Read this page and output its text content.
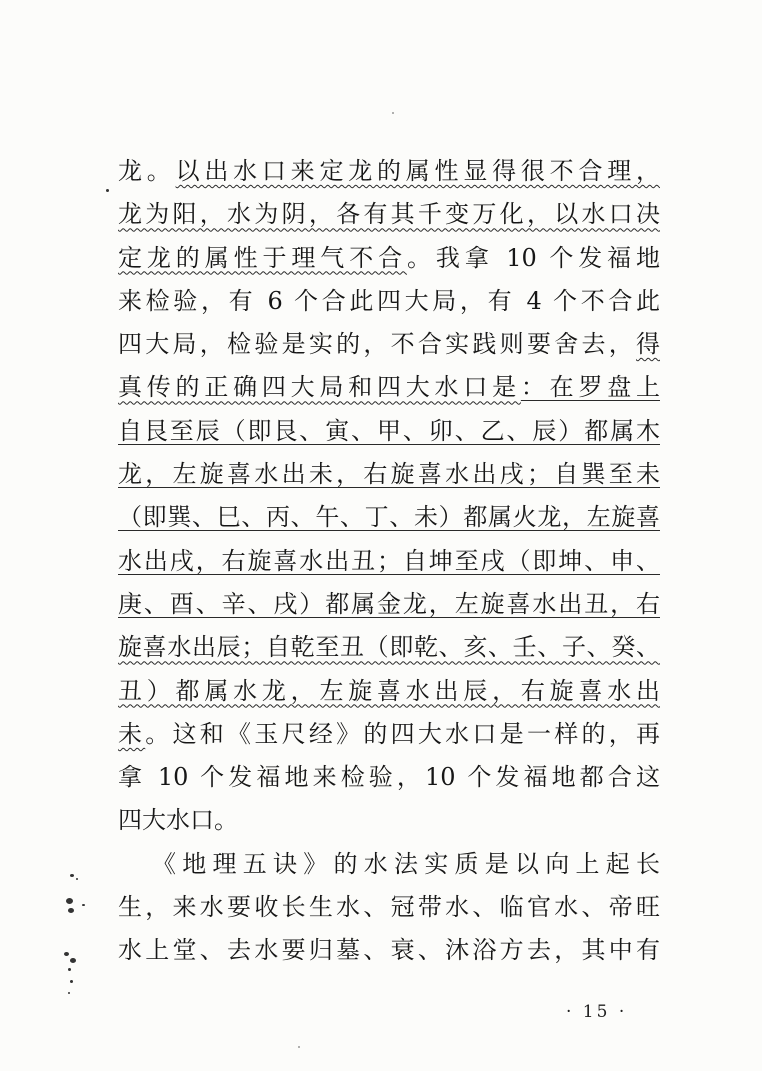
龙。以出水口来定龙的属性显得很不合理，
龙为阳，水为阴，各有其千变万化，以水口决
定龙的属性于理气不合。我拿 10 个发福地
来检验，有 6 个合此四大局，有 4 个不合此
四大局，检验是实的，不合实践则要舍去，得
真传的正确四大局和四大水口是：在罗盘上
自艮至辰（即艮、寅、甲、卯、乙、辰）都属木
龙，左旋喜水出未，右旋喜水出戌；自巽至未
（即巽、巳、丙、午、丁、未）都属火龙，左旋喜
水出戌，右旋喜水出丑；自坤至戌（即坤、申、
庚、酉、辛、戌）都属金龙，左旋喜水出丑，右
旋喜水出辰；自乾至丑（即乾、亥、壬、子、癸、
丑）都属水龙，左旋喜水出辰，右旋喜水出
未。这和《玉尺经》的四大水口是一样的，再
拿 10 个发福地来检验，10 个发福地都合这
四大水口。
《地理五诀》的水法实质是以向上起长
生，来水要收长生水、冠带水、临官水、帝旺
水上堂、去水要归墓、衰、沐浴方去，其中有
· 15 ·
